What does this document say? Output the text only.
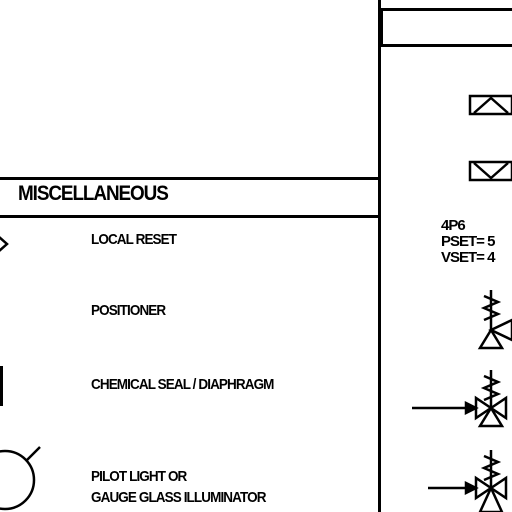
MISCELLANEOUS
LOCAL RESET
POSITIONER
CHEMICAL SEAL / DIAPHRAGM
PILOT LIGHT OR
GAUGE GLASS ILLUMINATOR
4P6
PSET= 5
VSET= 4
